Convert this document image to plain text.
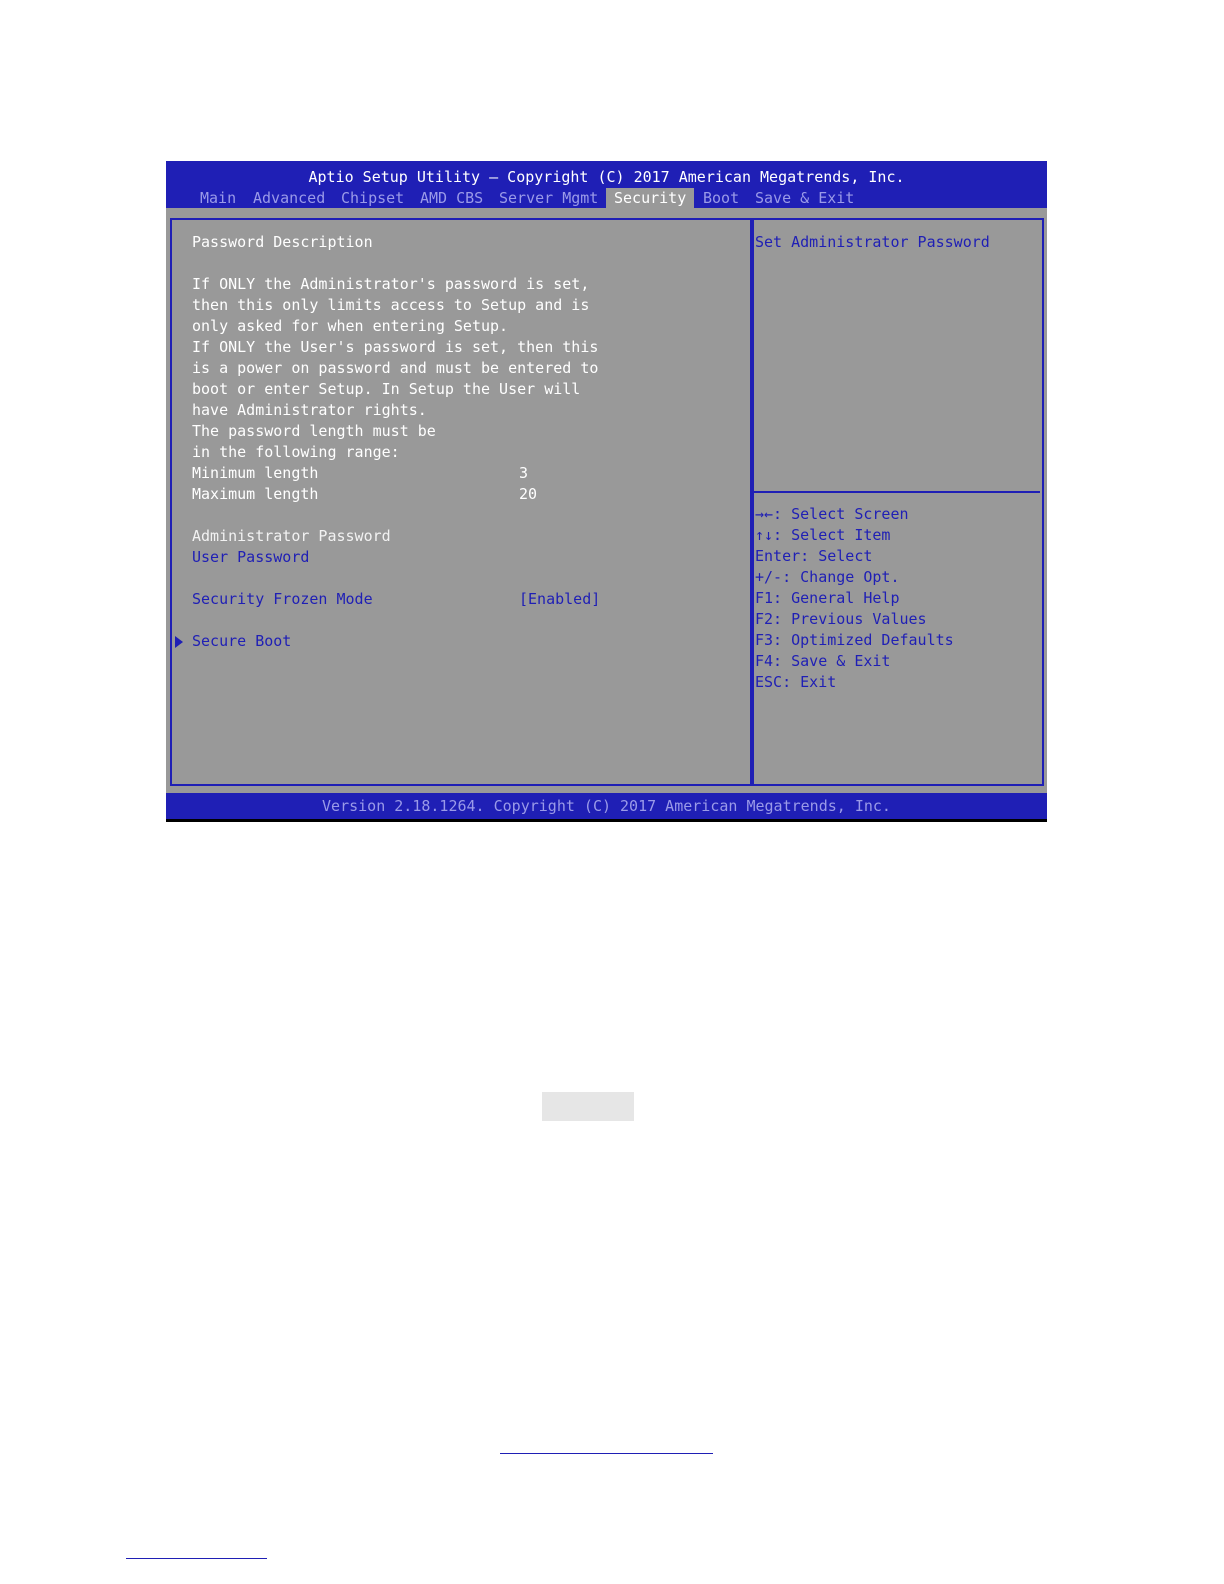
Aptio Setup Utility – Copyright (C) 2017 American Megatrends, Inc.
Main Advanced Chipset AMD CBS Server Mgmt	Security	Boot Save & Exit
Password Description
If ONLY the Administrator's password is set,
then this only limits access to Setup and is
only asked for when entering Setup.
If ONLY the User's password is set, then this
is a power on password and must be entered to
boot or enter Setup. In Setup the User will
have Administrator rights.
The password length must be
in the following range:
Minimum length	3
Maximum length	20
Administrator Password
User Password
Security Frozen Mode	[Enabled]

Secure Boot

Set Administrator Password
→←: Select Screen
↑↓: Select Item
Enter: Select
+/-: Change Opt.
F1: General Help
F2: Previous Values
F3: Optimized Defaults
F4: Save & Exit
ESC: Exit
Version 2.18.1264. Copyright (C) 2017 American Megatrends, Inc.
